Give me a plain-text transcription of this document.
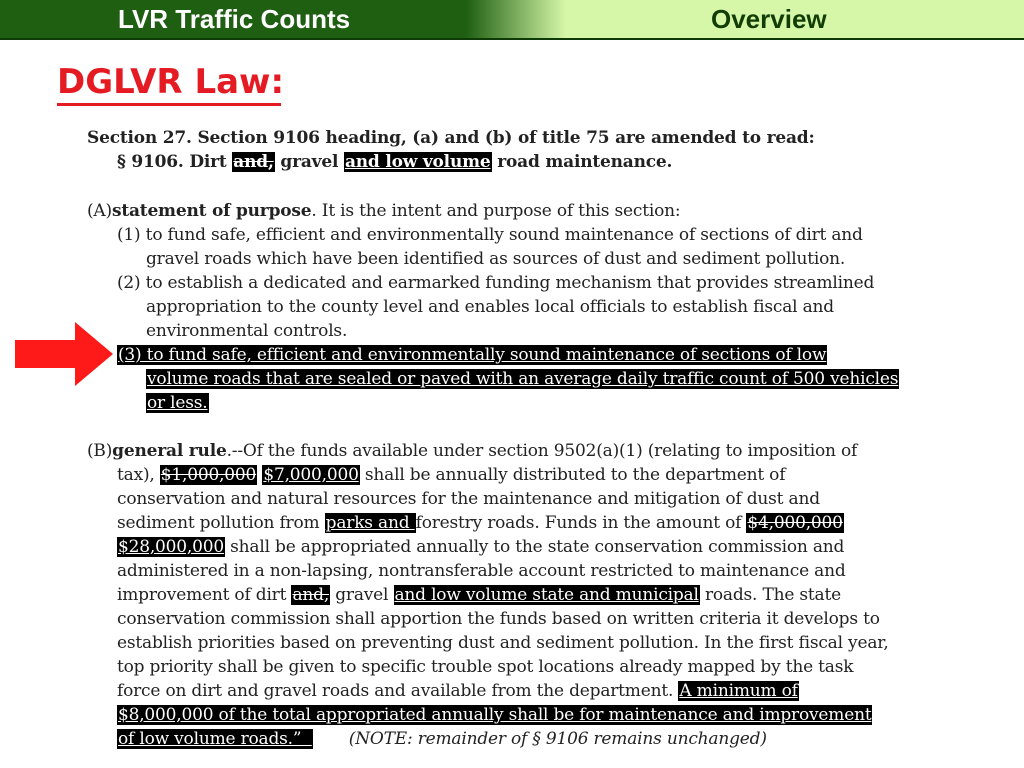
LVR Traffic Counts	Overview
DGLVR Law:
Section 27. Section 9106 heading, (a) and (b) of title 75 are amended to read:
§ 9106. Dirt and, gravel and low volume road maintenance.
(A)statement of purpose. It is the intent and purpose of this section:
(1) to fund safe, efficient and environmentally sound maintenance of sections of dirt and
gravel roads which have been identified as sources of dust and sediment pollution.
(2) to establish a dedicated and earmarked funding mechanism that provides streamlined
appropriation to the county level and enables local officials to establish fiscal and
environmental controls.
(3) to fund safe, efficient and environmentally sound maintenance of sections of low
volume roads that are sealed or paved with an average daily traffic count of 500 vehicles
or less.
(B)general rule.--Of the funds available under section 9502(a)(1) (relating to imposition of
tax), $1,000,000 $7,000,000 shall be annually distributed to the department of
conservation and natural resources for the maintenance and mitigation of dust and
sediment pollution from parks and forestry roads. Funds in the amount of $4,000,000
$28,000,000 shall be appropriated annually to the state conservation commission and
administered in a non-lapsing, nontransferable account restricted to maintenance and
improvement of dirt and, gravel and low volume state and municipal roads. The state
conservation commission shall apportion the funds based on written criteria it develops to
establish priorities based on preventing dust and sediment pollution. In the first fiscal year,
top priority shall be given to specific trouble spot locations already mapped by the task
force on dirt and gravel roads and available from the department. A minimum of
$8,000,000 of the total appropriated annually shall be for maintenance and improvement
of low volume roads.”  (NOTE: remainder of § 9106 remains unchanged)
